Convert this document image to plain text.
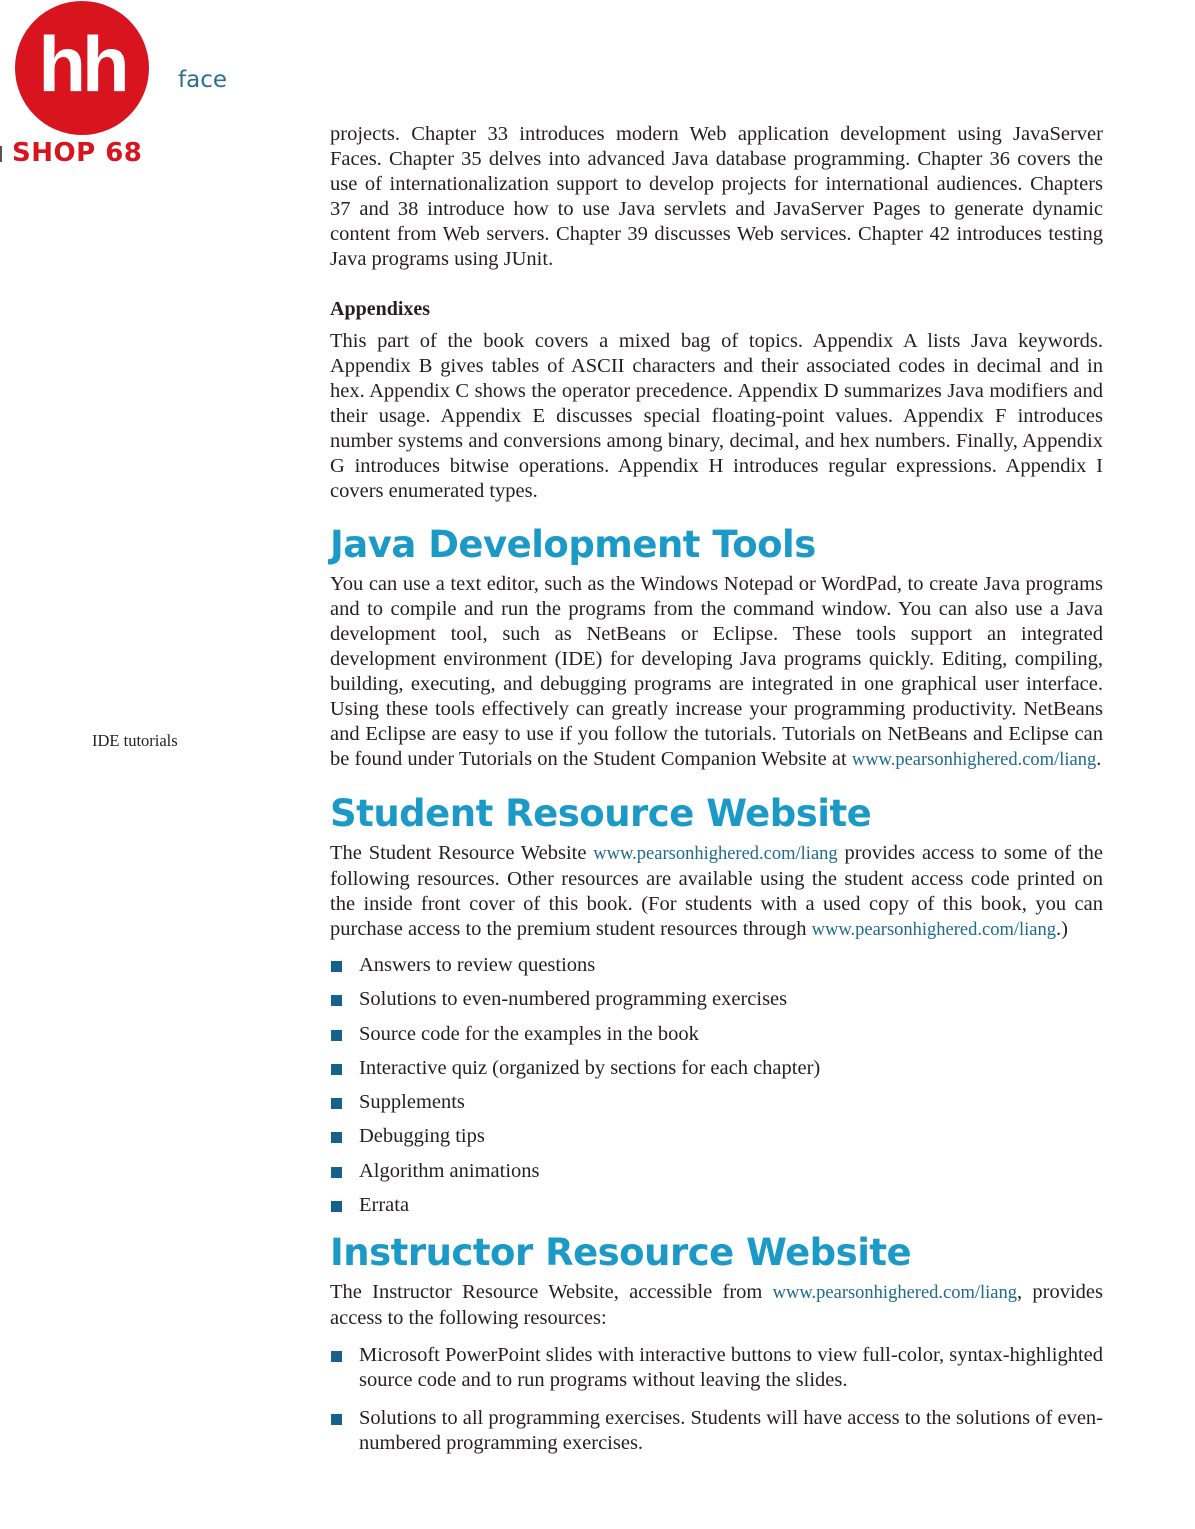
hh
SHOP 68
face
IDE tutorials

projects. Chapter 33 introduces modern Web application development using JavaServer Faces. Chapter 35 delves into advanced Java database programming. Chapter 36 covers the use of internationalization support to develop projects for international audiences. Chapters 37 and 38 introduce how to use Java servlets and JavaServer Pages to generate dynamic content from Web servers. Chapter 39 discusses Web services. Chapter 42 introduces testing Java programs using JUnit.

Appendixes

This part of the book covers a mixed bag of topics. Appendix A lists Java keywords. Appendix B gives tables of ASCII characters and their associated codes in decimal and in hex. Appendix C shows the operator precedence. Appendix D summarizes Java modifiers and their usage. Appendix E discusses special floating-point values. Appendix F introduces number systems and conversions among binary, decimal, and hex numbers. Finally, Appendix G introduces bitwise operations. Appendix H introduces regular expressions. Appendix I covers enumerated types.

Java Development Tools

You can use a text editor, such as the Windows Notepad or WordPad, to create Java programs and to compile and run the programs from the command window. You can also use a Java development tool, such as NetBeans or Eclipse. These tools support an integrated development environment (IDE) for developing Java programs quickly. Editing, compiling, building, executing, and debugging programs are integrated in one graphical user interface. Using these tools effectively can greatly increase your programming productivity. NetBeans and Eclipse are easy to use if you follow the tutorials. Tutorials on NetBeans and Eclipse can be found under Tutorials on the Student Companion Website at www.pearsonhighered.com/liang.

Student Resource Website

The Student Resource Website www.pearsonhighered.com/liang provides access to some of the following resources. Other resources are available using the student access code printed on the inside front cover of this book. (For students with a used copy of this book, you can purchase access to the premium student resources through www.pearsonhighered.com/liang.)

Answers to review questions
Solutions to even-numbered programming exercises
Source code for the examples in the book
Interactive quiz (organized by sections for each chapter)
Supplements
Debugging tips
Algorithm animations
Errata
Instructor Resource Website

The Instructor Resource Website, accessible from www.pearsonhighered.com/liang, provides access to the following resources:

Microsoft PowerPoint slides with interactive buttons to view full-color, syntax-highlighted source code and to run programs without leaving the slides.
Solutions to all programming exercises. Students will have access to the solutions of even-numbered programming exercises.
